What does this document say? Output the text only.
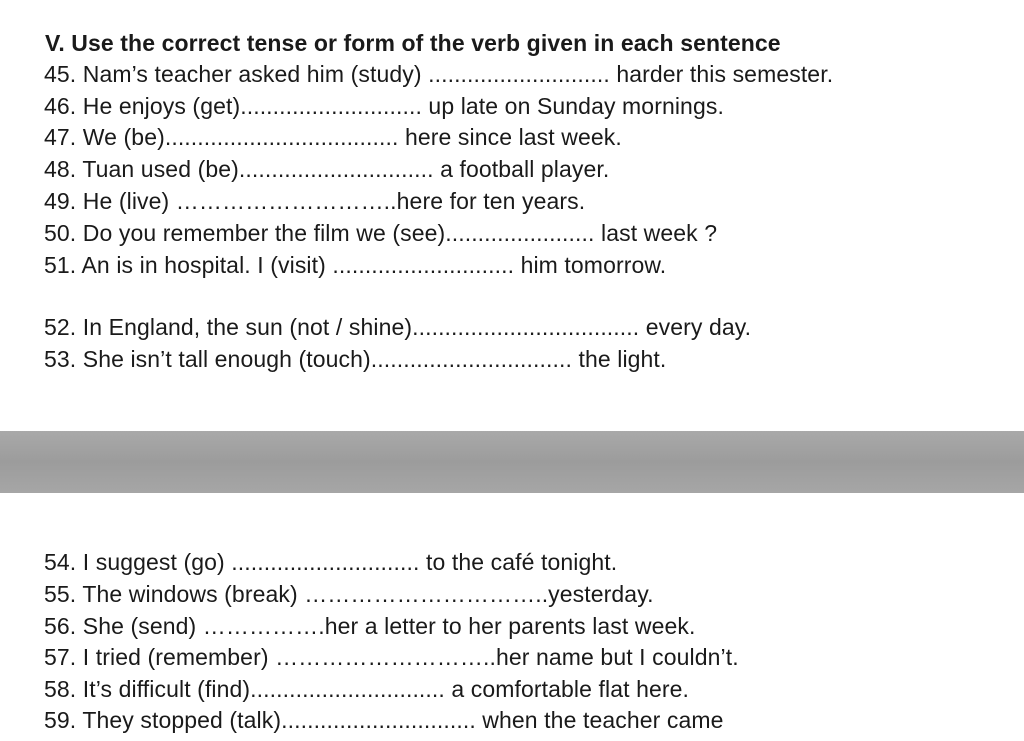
V. Use the correct tense or form of the verb given in each sentence
45. Nam’s teacher asked him (study) ............................ harder this semester.
46. He enjoys (get)............................ up late on Sunday mornings.
47. We (be).................................... here since last week.
48. Tuan used (be).............................. a football player.
49. He (live) ………………………..here for ten years.
50. Do you remember the film we (see)....................... last week ?
51. An is in hospital. I (visit) ............................ him tomorrow.
52. In England, the sun (not / shine)................................... every day.
53. She isn’t tall enough (touch)............................... the light.
54. I suggest (go) ............................. to the café tonight.
55. The windows (break) …………………………..yesterday.
56. She (send) …………….her a letter to her parents last week.
57. I tried (remember) ………………………..her name but I couldn’t.
58. It’s difficult (find).............................. a comfortable flat here.
59. They stopped (talk).............................. when the teacher came
